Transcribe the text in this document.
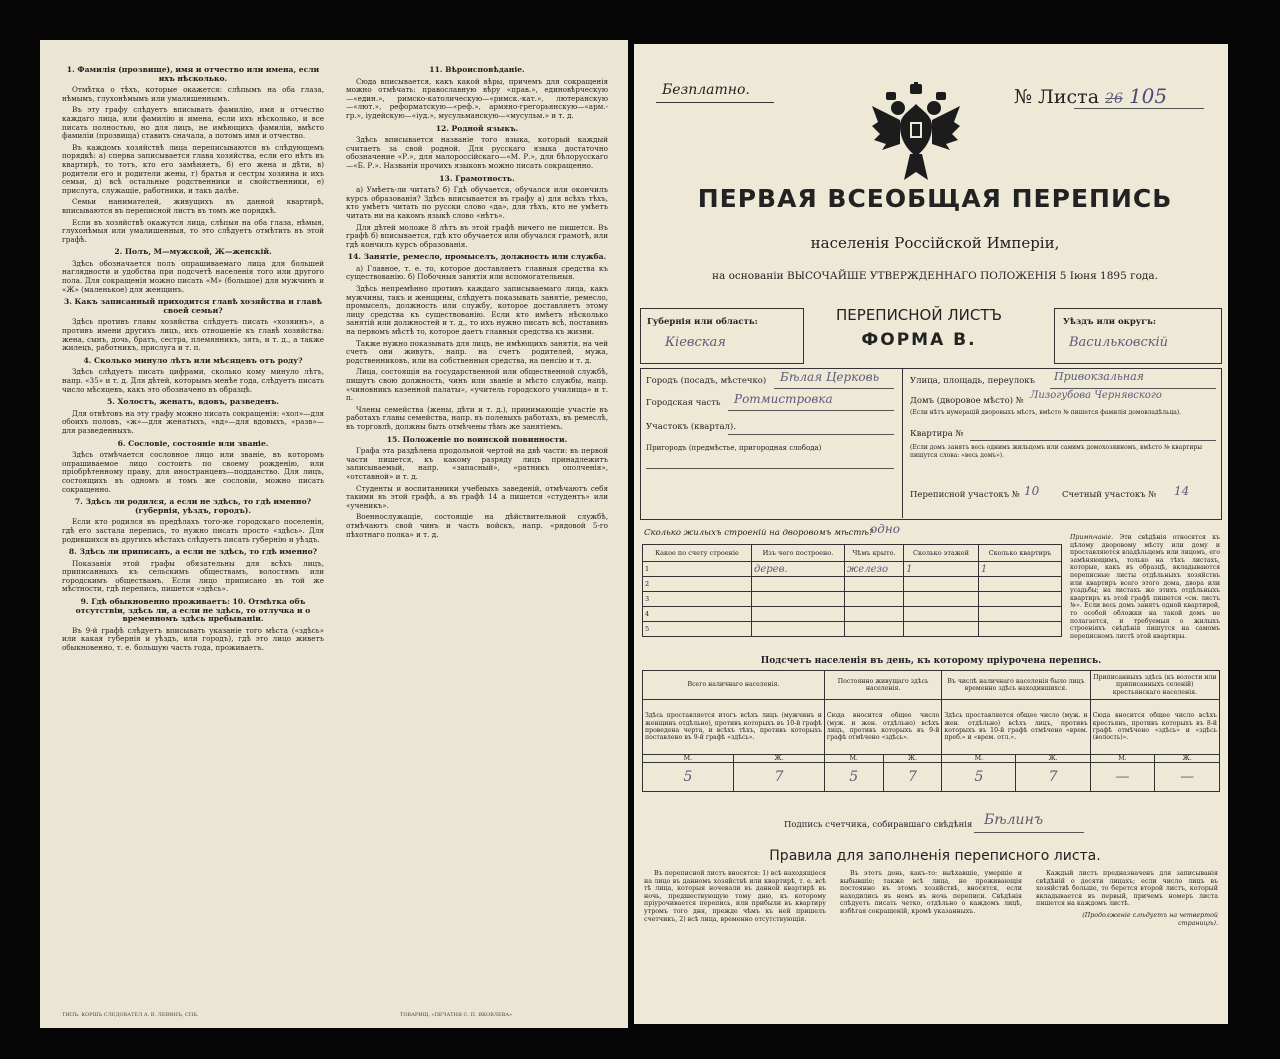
1. Фамилія (прозвище), имя и отчество или имена, если ихъ нѣсколько.

Отмѣтка о тѣхъ, которые окажется: слѣпымъ на оба глаза, нѣмымъ, глухонѣмымъ или умалишеннымъ.

Въ эту графу слѣдуетъ вписывать фамилію, имя и отчество каждаго лица, или фамилію и имена, если ихъ нѣсколько, и все писать полностью, но для лицъ, не имѣющихъ фамиліи, вмѣсто фамиліи (прозвища) ставить сначала, а потомъ имя и отчество.

Въ каждомъ хозяйствѣ лица переписываются въ слѣдующемъ порядкѣ: а) сперва записывается глава хозяйства, если его нѣтъ въ квартирѣ, то тотъ, кто его замѣняетъ, б) его жена и дѣти, в) родители его и родители жены, г) братья и сестры хозяина и ихъ семьи, д) всѣ остальные родственники и свойственники, е) прислуга, служащіе, работники, и такъ далѣе.

Семьи нанимателей, живущихъ въ данной квартирѣ, вписываются въ переписной листъ въ томъ же порядкѣ.

Если въ хозяйствѣ окажутся лица, слѣпыя на оба глаза, нѣмыя, глухонѣмыя или умалишенныя, то это слѣдуетъ отмѣтить въ этой графѣ.

2. Полъ, М—мужской, Ж—женскій.

Здѣсь обозначается полъ опрашиваемаго лица для большей наглядности и удобства при подсчетѣ населенія того или другого пола. Для сокращенія можно писать «М» (большое) для мужчинъ и «Ж» (маленькое) для женщинъ.

3. Какъ записанный приходится главѣ хозяйства и главѣ своей семьи?

Здѣсь противъ главы хозяйства слѣдуетъ писать «хозяинъ», а противъ имени другихъ лицъ, ихъ отношеніе къ главѣ хозяйства: жена, сынъ, дочь, братъ, сестра, племянникъ, зять, и т. д., а также жилецъ, работникъ, прислуга и т. п.

4. Сколько минуло лѣтъ или мѣсяцевъ отъ роду?

Здѣсь слѣдуетъ писать цифрами, сколько кому минуло лѣтъ, напр. «35» и т. д. Для дѣтей, которымъ менѣе года, слѣдуетъ писать число мѣсяцевъ, какъ это обозначено въ образцѣ.

5. Холостъ, женатъ, вдовъ, разведенъ.

Для отвѣтовъ на эту графу можно писать сокращенія: «хол»—для обоихъ половъ, «ж»—для женатыхъ, «вд»—для вдовыхъ, «разв»—для разведенныхъ.

6. Сословіе, состояніе или званіе.

Здѣсь отмѣчается сословное лицо или званіе, въ которомъ опрашиваемое лицо состоитъ по своему рожденію, или пріобрѣтенному праву, для иностранцевъ—подданство. Для лицъ, состоящихъ въ одномъ и томъ же сословіи, можно писать сокращенно.

7. Здѣсь ли родился, а если не здѣсь, то гдѣ именно? (губернія, уѣздъ, городъ).

Если кто родился въ предѣлахъ того-же городскаго поселенія, гдѣ его застала перепись, то нужно писать просто «здѣсь». Для родившихся въ другихъ мѣстахъ слѣдуетъ писать губернію и уѣздъ.

8. Здѣсь ли приписанъ, а если не здѣсь, то гдѣ именно?

Показанія этой графы обязательны для всѣхъ лицъ, приписанныхъ къ сельскимъ обществамъ, волостямъ или городскимъ обществамъ. Если лицо приписано въ той же мѣстности, гдѣ перепись, пишется «здѣсь».

9. Гдѣ обыкновенно проживаетъ: 10. Отмѣтка объ отсутствіи, здѣсь ли, а если не здѣсь, то отлучка и о временномъ здѣсь пребываніи.

Въ 9-й графѣ слѣдуетъ вписывать указаніе того мѣста («здѣсь» или какая губернія и уѣздъ, или городъ), гдѣ это лицо живетъ обыкновенно, т. е. большую часть года, проживаетъ.

11. Вѣроисповѣданіе.

Сюда вписывается, какъ какой вѣры, причемъ для сокращенія можно отмѣчать: православную вѣру «прав.», единовѣрческую—«един.», римско-католическую—«римск.-кат.», лютеранскую—«лют.», реформатскую—«реф.», армяно-грегорьянскую—«арм.-гр.», іудейскую—«іуд.», мусульманскую—«мусульм.» и т. д.

12. Родной языкъ.

Здѣсь вписывается названіе того языка, который каждый считаетъ за свой родной. Для русскаго языка достаточно обозначение «Р.», для малороссійскаго—«М. Р.», для бѣлорусскаго—«Б. Р.». Названія прочихъ языковъ можно писать сокращенно.

13. Грамотность.

а) Умѣетъ-ли читать? б) Гдѣ обучается, обучался или окончилъ курсъ образованія? Здѣсь вписывается въ графу а) для всѣхъ тѣхъ, кто умѣетъ читать по русски слово «да», для тѣхъ, кто не умѣетъ читать ни на какомъ языкѣ слово «нѣтъ».

Для дѣтей моложе 8 лѣтъ въ этой графѣ ничего не пишется. Въ графѣ б) вписывается, гдѣ кто обучается или обучался грамотѣ, или гдѣ кончилъ курсъ образованія.

14. Занятіе, ремесло, промыселъ, должность или служба.

а) Главное, т. е. то, которое доставляетъ главныя средства къ существованію. б) Побочныя занятія или вспомогательныя.

Здѣсь непремѣнно противъ каждаго записываемаго лица, какъ мужчины, такъ и женщины, слѣдуетъ показывать занятіе, ремесло, промыселъ, должность или службу, которое доставляетъ этому лицу средства къ существованію. Если кто имѣетъ нѣсколько занятій или должностей и т. д., то ихъ нужно писать всѣ, поставивъ на первомъ мѣстѣ то, которое даетъ главныя средства къ жизни.

Также нужно показывать для лицъ, не имѣющихъ занятія, на чей счетъ они живутъ, напр. на счетъ родителей, мужа, родственниковъ, или на собственныя средства, на пенсію и т. д.

Лица, состоящія на государственной или общественной службѣ, пишутъ свою должность, чинъ или званіе и мѣсто службы, напр. «чиновникъ казенной палаты», «учитель городского училища» и т. п.

Члены семейства (жены, дѣти и т. д.), принимающіе участіе въ работахъ главы семейства, напр. въ полевыхъ работахъ, въ ремеслѣ, въ торговлѣ, должны быть отмѣчены тѣмъ же занятіемъ.

15. Положеніе по воинской повинности.

Графа эта раздѣлена продольной чертой на двѣ части: въ первой части пишется, къ какому разряду лицъ принадлежитъ записываемый, напр. «запасный», «ратникъ ополченія», «отставной» и т. д.

Студенты и воспитанники учебныхъ заведеній, отмѣчаютъ себя такими въ этой графѣ, а въ графѣ 14 а пишется «студентъ» или «ученикъ».

Военнослужащіе, состоящіе на дѣйствительной службѣ, отмѣчаютъ свой чинъ и часть войскъ, напр. «рядовой 5-го пѣхотнаго полка» и т. д.

ТИПЪ. КОРШЪ СЛЕДОВАТЕЛ А. В. ЛЕВИНЪ, СПБ.	ТОВАРИЩ. «ПЕЧАТНЯ С. П. ЯКОВЛЕВА»
Безплатно.	№ Листа 26 105
ПЕРВАЯ ВСЕОБЩАЯ ПЕРЕПИСЬ
населенія Россійской Имперіи,
на основаніи ВЫСОЧАЙШЕ УТВЕРЖДЕННАГО ПОЛОЖЕНІЯ 5 Іюня 1895 года.
Губернія или область:
Кіевская
ПЕРЕПИСНОЙ ЛИСТЪ
ФОРМА В.
Уѣздъ или округъ:
Васильковскій
Городъ (посадъ, мѣстечко) Бѣлая Церковь
Городская часть Ротмистровка
Участокъ (квартал).
Пригородъ (предмѣстье, пригородная слобода)
Улица, площадь, переулокъ Привокзальная
Домъ (дворовое мѣсто) № Лизогубова Чернявского
(Если нѣтъ нумерацій дворовыхъ мѣстъ, вмѣсто № пишется фамилія домовладѣльца).
Квартира №
(Если домъ занятъ весь однимъ жильцомъ или самимъ домохозяиномъ, вмѣсто № квартиры пишутся слова: «весь домъ»).
Переписной участокъ № 10	Счетный участокъ № 14
Сколько жилыхъ строеній на дворовомъ мѣстѣ?
одно
Какое по счету строеніе	Изъ чего построено.	Чѣмъ крыто.	Сколько этажей	Сколько квартиръ
1	дерев.	железо	1	1
2				
3				
4				
5				
Примѣчаніе. Эти свѣдѣнія относятся къ цѣлому дворовому мѣсту или дому и проставляются владѣльцемъ или лицомъ, его замѣняющимъ, только на тѣхъ листахъ, которые, какъ въ образцѣ, вкладываются переписные листы отдѣльныхъ хозяйствъ или квартиръ всего этого дома, двора или усадьбы; на листахъ же этихъ отдѣльныхъ квартиръ въ этой графѣ пишется «см. листъ №». Если весь домъ занятъ одной квартирой, то особой обложки на такой домъ не полагается, и требуемыя о жилыхъ строеніяхъ свѣдѣнія пишутся на самомъ переписномъ листѣ этой квартиры.
Подсчетъ населенія въ день, къ которому пріурочена перепись.
Всего наличнаго населенія.		Постоянно живущаго здѣсь населенія.		Въ числѣ наличнаго населенія было лицъ временно здѣсь находившихся.		Приписанныхъ здѣсь (къ волости или приписанныхъ селеній) крестьянскаго населенія.	
Здѣсь проставляется итогъ всѣхъ лицъ (мужчинъ и женщинъ отдѣльно), противъ которыхъ въ 10-й графѣ проведена черта, и всѣхъ тѣхъ, противъ которыхъ поставлено въ 9-й графѣ «здѣсь».		Сюда вносится общее число (муж. и жен. отдѣльно) всѣхъ лицъ, противъ которыхъ въ 9-й графѣ отмѣчено «здѣсь».		Здѣсь проставляется общее число (муж. и жен. отдѣльно) всѣхъ лицъ, противъ которыхъ въ 10-й графѣ отмѣчено «врем. преб.» и «врем. отл.».		Сюда вносится общее число всѣхъ крестьянъ, противъ которыхъ въ 8-й графѣ отмѣчено «здѣсь» и «здѣсь (волость)».	
М.	Ж.	М.	Ж.	М.	Ж.	М.	Ж.
5	7	5	7	5	7	—	—
Подпись счетчика, собиравшаго свѣдѣнія Бѣлинъ
Правила для заполненія переписного листа.

Въ переписной листъ вносятся: 1) всѣ находящіеся на лицо въ данномъ хозяйствѣ или квартирѣ, т. е. всѣ тѣ лица, которыя ночевали въ данной квартирѣ въ ночь, предшествующую тому дню, къ которому пріурочивается перепись, или прибыли въ квартиру утромъ того дня, прежде чѣмъ къ ней пришелъ счетчикъ, 2) всѣ лица, временно отсутствующія.

Въ этотъ день, какъ-то: выѣхавшіе, умершіе и выбывшіе; также всѣ лица, не проживающія постоянно въ этомъ хозяйствѣ, вносятся, если находились въ немъ въ ночь переписи. Свѣдѣнія слѣдуетъ писать четко, отдѣльно о каждомъ лицѣ, избѣгая сокращеній, кромѣ указанныхъ.

Каждый листъ предназначенъ для записыванія свѣдѣній о десяти лицахъ; если число лицъ въ хозяйствѣ больше, то берется второй листъ, который вкладывается въ первый, причемъ номеръ листа пишется на каждомъ листѣ.

(Продолженіе слѣдуетъ на четвертой страницѣ).
